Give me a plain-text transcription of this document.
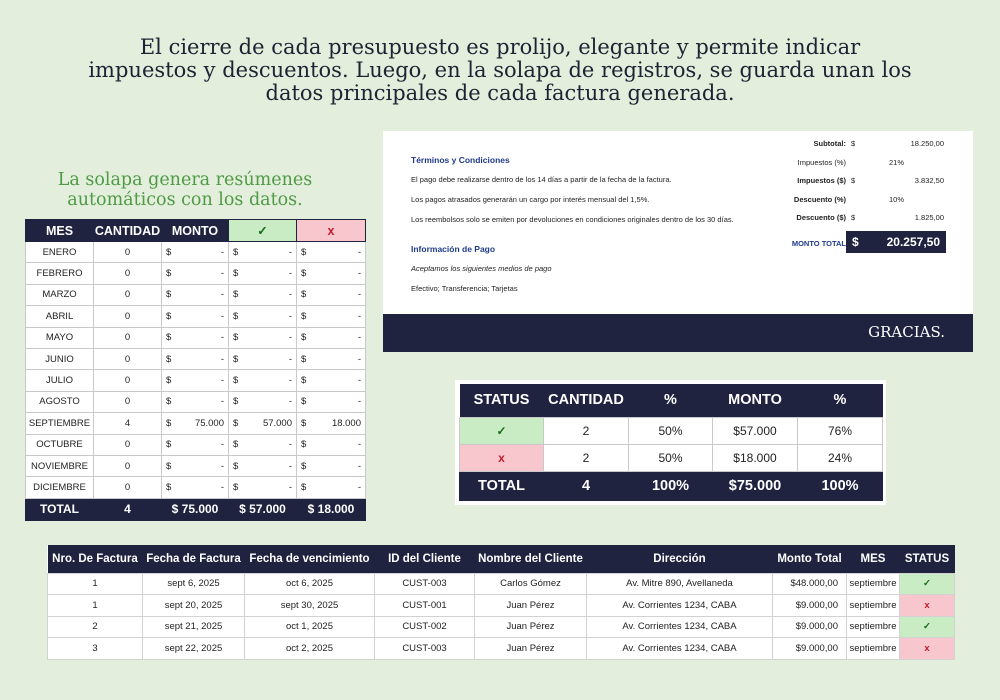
El cierre de cada presupuesto es prolijo, elegante y permite indicar
impuestos y descuentos. Luego, en la solapa de registros, se guarda unan los
datos principales de cada factura generada.
La solapa genera resúmenes
automáticos con los datos.
MES	CANTIDAD	MONTO	✓	x
ENERO	0	$ -	$ -	$ -

FEBRERO	0	$ -	$ -	$ -

MARZO	0	$ -	$ -	$ -

ABRIL	0	$ -	$ -	$ -

MAYO	0	$ -	$ -	$ -

JUNIO	0	$ -	$ -	$ -

JULIO	0	$ -	$ -	$ -

AGOSTO	0	$ -	$ -	$ -

SEPTIEMBRE	4	$ 75.000	$ 57.000	$ 18.000

OCTUBRE	0	$ -	$ -	$ -

NOVIEMBRE	0	$ -	$ -	$ -

DICIEMBRE	0	$ -	$ -	$ -

TOTAL	4	$ 75.000	$ 57.000	$ 18.000
Términos y Condiciones
El pago debe realizarse dentro de los 14 días a partir de la fecha de la factura.
Los pagos atrasados generarán un cargo por interés mensual del 1,5%.
Los reembolsos solo se emiten por devoluciones en condiciones originales dentro de los 30 días.
Información de Pago
Aceptamos los siguientes medios de pago
Efectivo; Transferencia; Tarjetas
Subtotal: $	18.250,00
Impuestos (%)	21%
Impuestos ($) $	3.832,50
Descuento (%)	10%
Descuento ($) $	1.825,00
MONTO TOTAL $ 20.257,50
GRACIAS.
STATUS	CANTIDAD	%	MONTO	%
✓	2	50%	$57.000	76%
x	2	50%	$18.000	24%
TOTAL	4	100%	$75.000	100%
Nro. De Factura	Fecha de Factura	Fecha de vencimiento	ID del Cliente	Nombre del Cliente	Dirección	Monto Total	MES	STATUS
1	sept 6, 2025	oct 6, 2025	CUST-003	Carlos Gómez	Av. Mitre 890, Avellaneda	$48.000,00	septiembre	✓
1	sept 20, 2025	sept 30, 2025	CUST-001	Juan Pérez	Av. Corrientes 1234, CABA	$9.000,00	septiembre	x
2	sept 21, 2025	oct 1, 2025	CUST-002	Juan Pérez	Av. Corrientes 1234, CABA	$9.000,00	septiembre	✓
3	sept 22, 2025	oct 2, 2025	CUST-003	Juan Pérez	Av. Corrientes 1234, CABA	$9.000,00	septiembre	x
